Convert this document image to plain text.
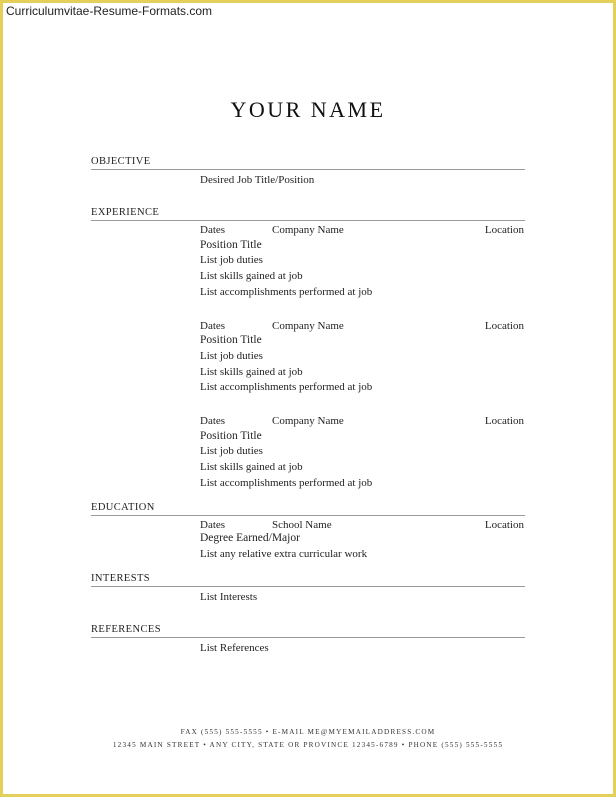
Curriculumvitae-Resume-Formats.com
YOUR NAME
OBJECTIVE
Desired Job Title/Position
EXPERIENCE
Dates	Company Name	Location
Position Title
List job duties
List skills gained at job
List accomplishments performed at job
Dates	Company Name	Location
Position Title
List job duties
List skills gained at job
List accomplishments performed at job
Dates	Company Name	Location
Position Title
List job duties
List skills gained at job
List accomplishments performed at job
EDUCATION
Dates	School Name	Location
Degree Earned/Major
List any relative extra curricular work
INTERESTS
List Interests
REFERENCES
List References
FAX (555) 555-5555 • E-MAIL ME@MYEMAILADDRESS.COM
12345 MAIN STREET • ANY CITY, STATE OR PROVINCE 12345-6789 • PHONE (555) 555-5555
